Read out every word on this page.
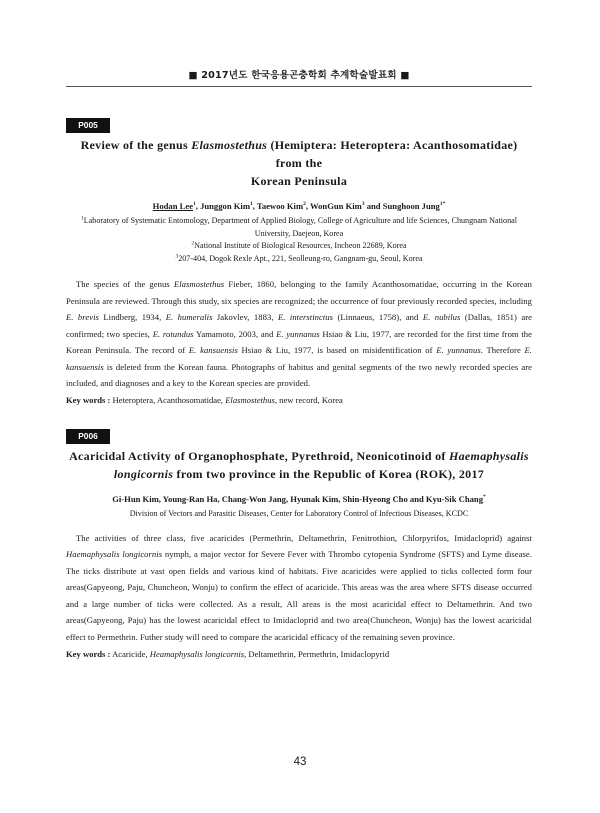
■ 2017년도 한국응용곤충학회 추계학술발표회 ■
P005

Review of the genus Elasmostethus (Hemiptera: Heteroptera: Acanthosomatidae) from the
Korean Peninsula

Hodan Lee$^1$, Junggon Kim$^1$, Taewoo Kim$^2$, WonGun Kim$^3$ and Sunghoon Jung$^{1*}$

$^1$Laboratory of Systematic Entomology, Department of Applied Biology, College of Agriculture and life Sciences, Chungnam National University, Daejeon, Korea

$^2$National Institute of Biological Resources, Incheon 22689, Korea

$^3$207-404, Dogok Rexle Apt., 221, Seolleung-ro, Gangnam-gu, Seoul, Korea

The species of the genus Elasmostethus Fieber, 1860, belonging to the family Acanthosomatidae, occurring in the Korean Peninsula are reviewed. Through this study, six species are recognized; the occurrence of four previously recorded species, including E. brevis Lindberg, 1934, E. humeralis Jakovlev, 1883, E. interstinctus (Linnaeus, 1758), and E. nubilus (Dallas, 1851) are confirmed; two species, E. rotundus Yamamoto, 2003, and E. yunnanus Hsiao & Liu, 1977, are recorded for the first time from the Korean Peninsula. The record of E. kansuensis Hsiao & Liu, 1977, is based on misidentification of E. yunnanus. Therefore E. kansuensis is deleted from the Korean fauna. Photographs of habitus and genital segments of the two newly recorded species are included, and diagnoses and a key to the Korean species are provided.

Key words : Heteroptera, Acanthosomatidae, Elasmostethus, new record, Korea

P006

Acaricidal Activity of Organophosphate, Pyrethroid, Neonicotinoid of Haemaphysalis longicornis from two province in the Republic of Korea (ROK), 2017

Gi-Hun Kim, Young-Ran Ha, Chang-Won Jang, Hyunak Kim, Shin-Hyeong Cho and Kyu-Sik Chang*

Division of Vectors and Parasitic Diseases, Center for Laboratory Control of Infectious Diseases, KCDC

The activities of three class, five acaricides (Permethrin, Deltamethrin, Fenitrothion, Chlorpyrifos, Imidacloprid) against Haemaphysalis longicornis nymph, a major vector for Severe Fever with Thrombo cytopenia Syndrome (SFTS) and Lyme disease. The ticks distribute at vast open fields and various kind of habitats. Five acaricides were applied to ticks collected form four areas(Gapyeong, Paju, Chuncheon, Wonju) to confirm the effect of acaricide. This areas was the area where SFTS disease occurred and a large number of ticks were collected. As a result, All areas is the most acaricidal effect to Deltamethrin. And two areas(Gapyeong, Paju) has the lowest acaricidal effect to Imidacloprid and two area(Chuncheon, Wonju) has the lowest acaricidal effect to Permethrin. Futher study will need to compare the acaricidal efficacy of the remaining seven province.

Key words : Acaricide, Heamaphysalis longicornis, Deltamethrin, Permethrin, Imidaclopyrid

43
